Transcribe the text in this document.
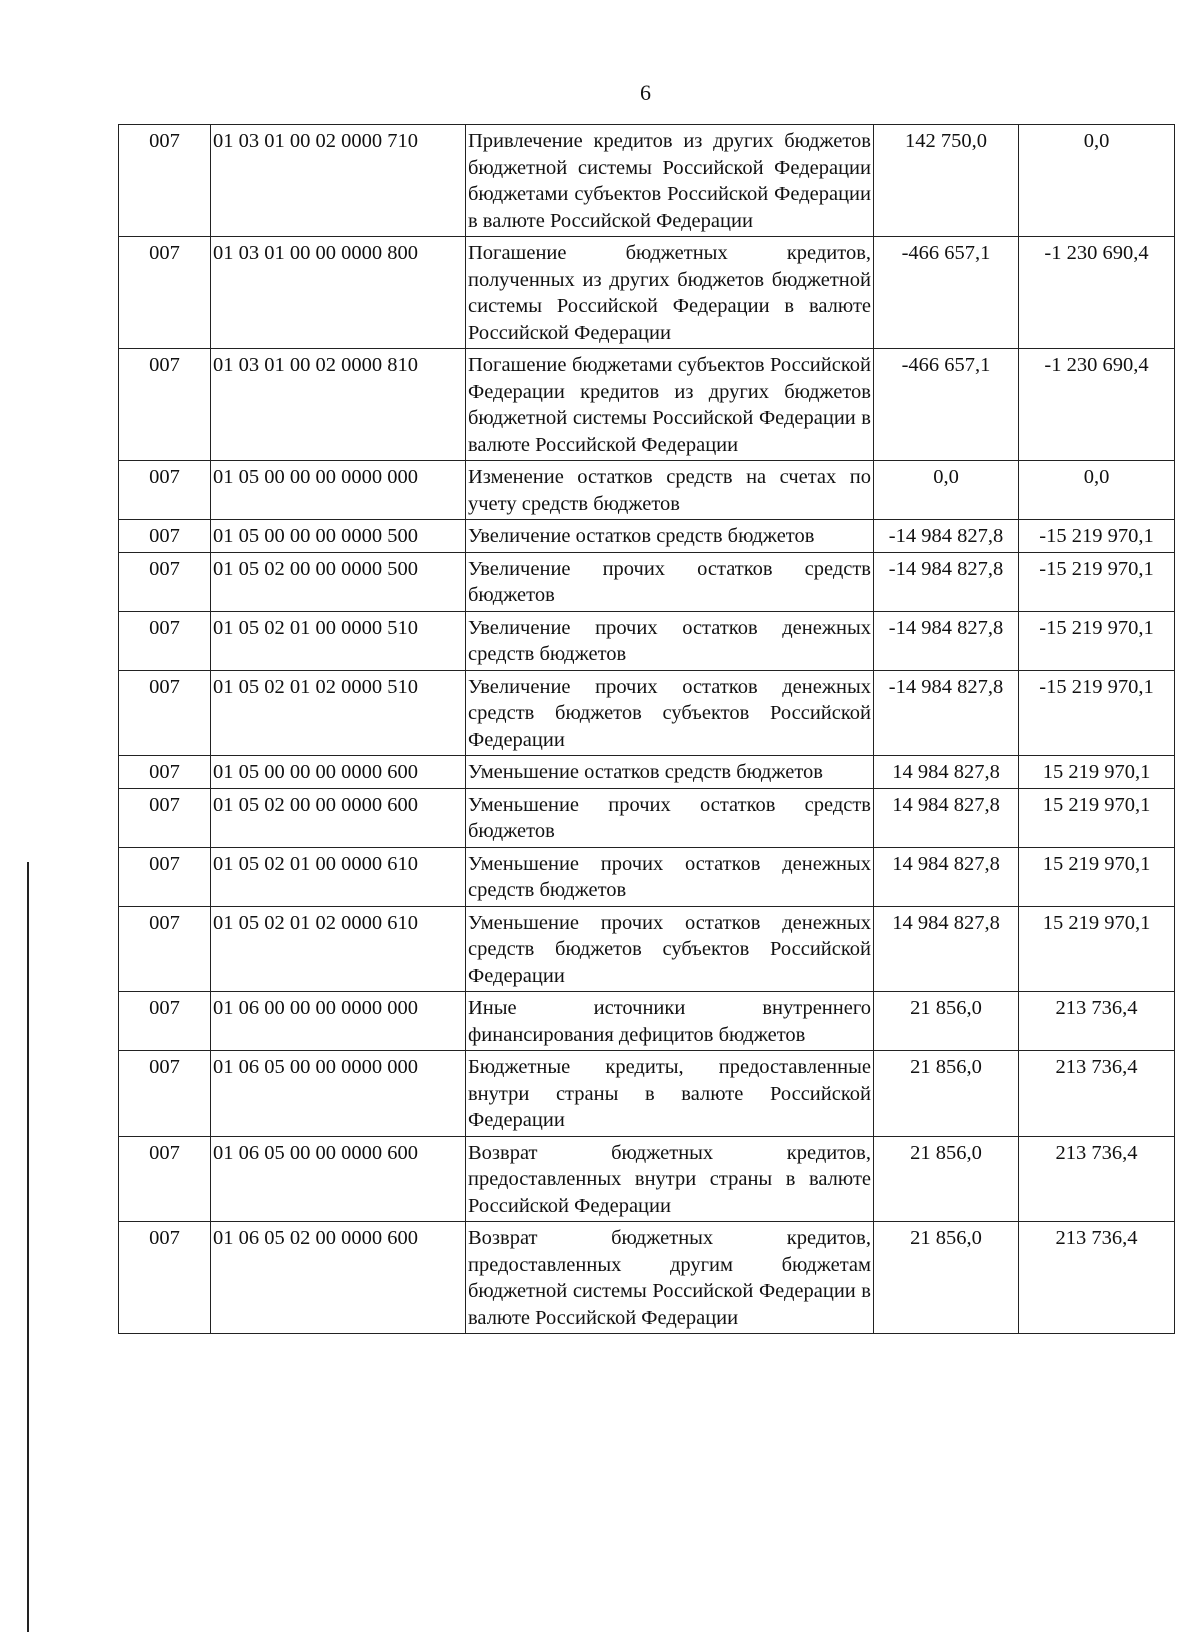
6
007	01 03 01 00 02 0000 710	Привлечение кредитов из других бюджетов бюджетной системы Российской Федерации бюджетами субъектов Российской Федерации в валюте Российской Федерации	142 750,0	0,0
007	01 03 01 00 00 0000 800	Погашение бюджетных кредитов, полученных из других бюджетов бюджетной системы Российской Федерации в валюте Российской Федерации	-466 657,1	-1 230 690,4
007	01 03 01 00 02 0000 810	Погашение бюджетами субъектов Российской Федерации кредитов из других бюджетов бюджетной системы Российской Федерации в валюте Российской Федерации	-466 657,1	-1 230 690,4
007	01 05 00 00 00 0000 000	Изменение остатков средств на счетах по учету средств бюджетов	0,0	0,0
007	01 05 00 00 00 0000 500	Увеличение остатков средств бюджетов	-14 984 827,8	-15 219 970,1
007	01 05 02 00 00 0000 500	Увеличение прочих остатков средств бюджетов	-14 984 827,8	-15 219 970,1
007	01 05 02 01 00 0000 510	Увеличение прочих остатков денежных средств бюджетов	-14 984 827,8	-15 219 970,1
007	01 05 02 01 02 0000 510	Увеличение прочих остатков денежных средств бюджетов субъектов Российской Федерации	-14 984 827,8	-15 219 970,1
007	01 05 00 00 00 0000 600	Уменьшение остатков средств бюджетов	14 984 827,8	15 219 970,1
007	01 05 02 00 00 0000 600	Уменьшение прочих остатков средств бюджетов	14 984 827,8	15 219 970,1
007	01 05 02 01 00 0000 610	Уменьшение прочих остатков денежных средств бюджетов	14 984 827,8	15 219 970,1
007	01 05 02 01 02 0000 610	Уменьшение прочих остатков денежных средств бюджетов субъектов Российской Федерации	14 984 827,8	15 219 970,1
007	01 06 00 00 00 0000 000	Иные источники внутреннего финансирования дефицитов бюджетов	21 856,0	213 736,4
007	01 06 05 00 00 0000 000	Бюджетные кредиты, предоставленные внутри страны в валюте Российской Федерации	21 856,0	213 736,4
007	01 06 05 00 00 0000 600	Возврат бюджетных кредитов, предоставленных внутри страны в валюте Российской Федерации	21 856,0	213 736,4
007	01 06 05 02 00 0000 600	Возврат бюджетных кредитов, предоставленных другим бюджетам бюджетной системы Российской Федерации в валюте Российской Федерации	21 856,0	213 736,4
